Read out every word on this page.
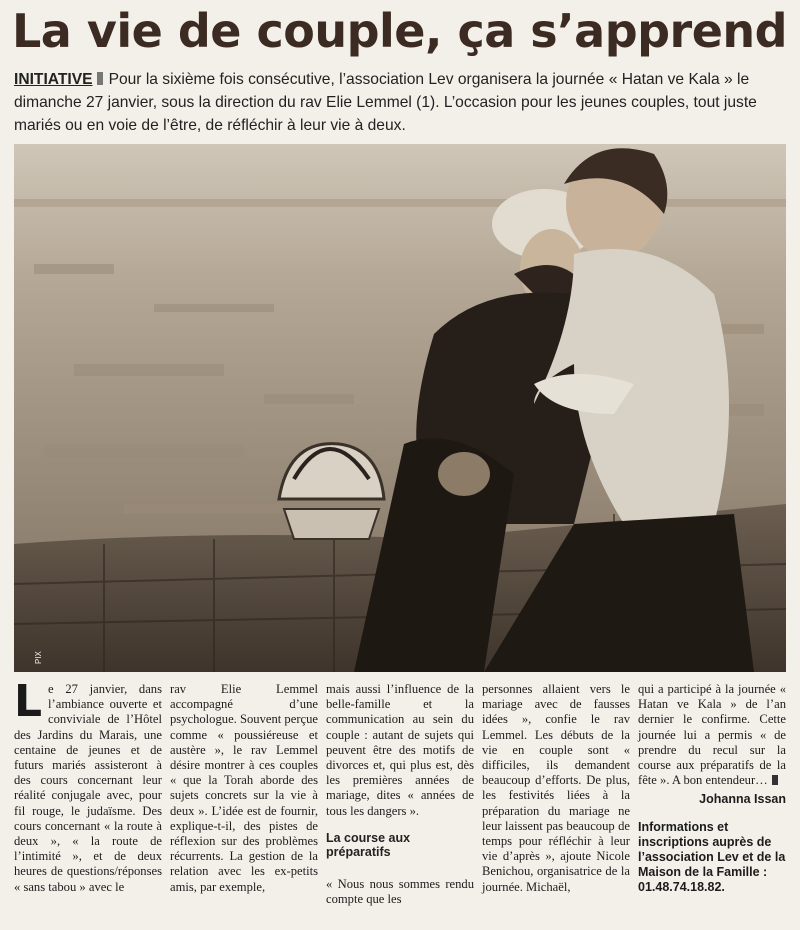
La vie de couple, ça s’apprend
INITIATIVE Pour la sixième fois consécutive, l’association Lev organisera la journée « Hatan ve Kala » le dimanche 27 janvier, sous la direction du rav Elie Lemmel (1). L’occasion pour les jeunes couples, tout juste mariés ou en voie de l’être, de réfléchir à leur vie à deux.
PIX

Le 27 janvier, dans l’ambiance ouverte et conviviale de l’Hôtel des Jardins du Marais, une centaine de jeunes et de futurs mariés assisteront à des cours concernant leur réalité conjugale avec, pour fil rouge, le judaïsme. Des cours concernant « la route à deux », « la route de l’intimité », et de deux heures de questions/réponses « sans tabou » avec le

rav Elie Lemmel accompagné d’une psychologue. Souvent perçue comme « poussiéreuse et austère », le rav Lemmel désire montrer à ces couples « que la Torah aborde des sujets concrets sur la vie à deux ». L’idée est de fournir, explique-t-il, des pistes de réflexion sur des problèmes récurrents. La gestion de la relation avec les ex-petits amis, par exemple,

mais aussi l’influence de la belle-famille et la communication au sein du couple : autant de sujets qui peuvent être des motifs de divorces et, qui plus est, dès les premières années de mariage, dites « années de tous les dangers ».

La course aux préparatifs

« Nous nous sommes rendu compte que les

personnes allaient vers le mariage avec de fausses idées », confie le rav Lemmel. Les débuts de la vie en couple sont « difficiles, ils demandent beaucoup d’efforts. De plus, les festivités liées à la préparation du mariage ne leur laissent pas beaucoup de temps pour réfléchir à leur vie d’après », ajoute Nicole Benichou, organisatrice de la journée. Michaël,

qui a participé à la journée « Hatan ve Kala » de l’an dernier le confirme. Cette journée lui a permis « de prendre du recul sur la course aux préparatifs de la fête ». A bon entendeur…

Johanna Issan
Informations et inscriptions auprès de l’association Lev et de la Maison de la Famille : 01.48.74.18.82.
